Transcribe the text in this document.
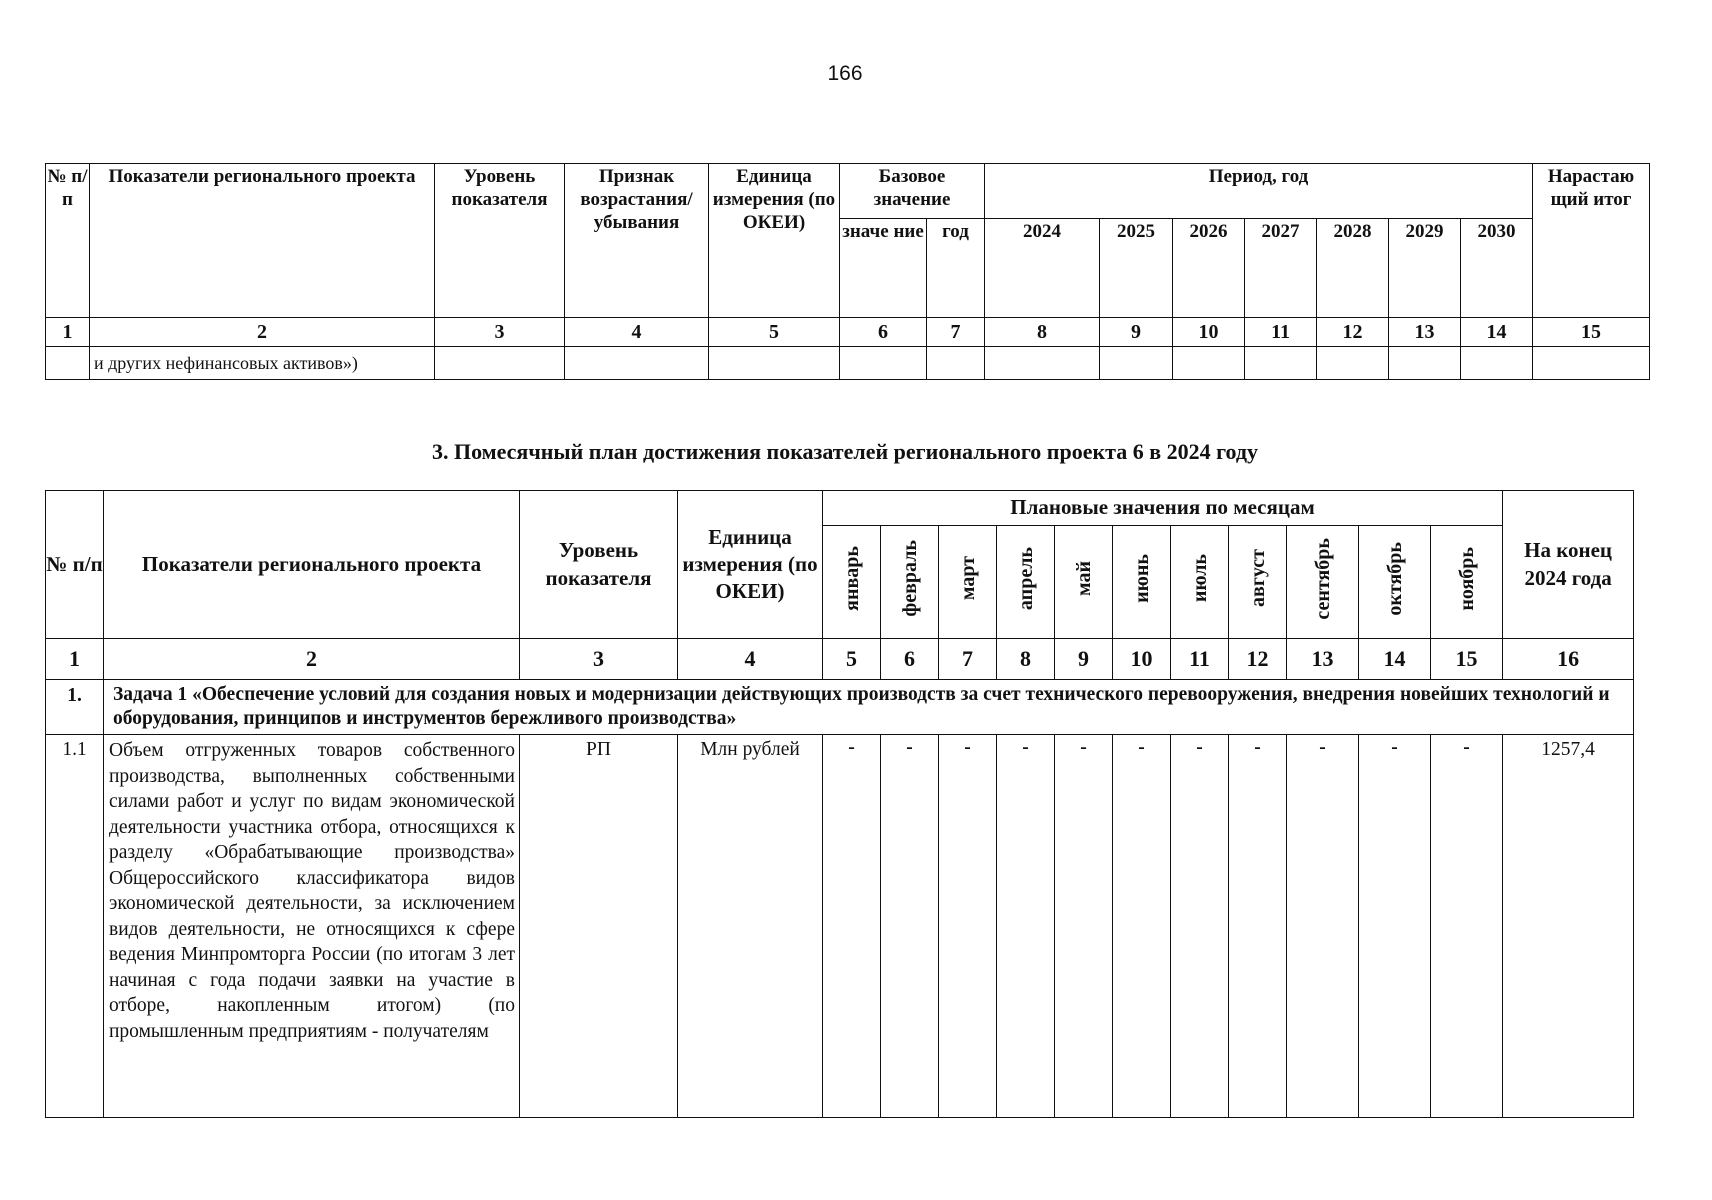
166
№ п/п	Показатели регионального проекта	Уровень показателя	Признак возрастания/ убывания	Единица измерения (по ОКЕИ)	Базовое значение		Период, год							Нарастаю щий итог
					значе ние	год	2024	2025	2026	2027	2028	2029	2030	
1	2	3	4	5	6	7	8	9	10	11	12	13	14	15
	и других нефинансовых активов»)													
3. Помесячный план достижения показателей регионального проекта 6 в 2024 году
№ п/п	Показатели регионального проекта	Уровень показателя	Единица измерения (по ОКЕИ)	Плановые значения по месяцам											На конец 2024 года
				январь	февраль	март	апрель	май	июнь	июль	август	сентябрь	октябрь	ноябрь	
1	2	3	4	5	6	7	8	9	10	11	12	13	14	15	16
1.	Задача 1 «Обеспечение условий для создания новых и модернизации действующих производств за счет технического перевооружения, внедрения новейших технологий и оборудования, принципов и инструментов бережливого производства»														
1.1	Объем отгруженных товаров собственного производства, выполненных собственными силами работ и услуг по видам экономической деятельности участника отбора, относящихся к разделу «Обрабатывающие производства» Общероссийского классификатора видов экономической деятельности, за исключением видов деятельности, не относящихся к сфере ведения Минпромторга России (по итогам 3 лет начиная с года подачи заявки на участие в отборе, накопленным итогом) (по промышленным предприятиям - получателям	РП	Млн рублей	-	-	-	-	-	-	-	-	-	-	-	1257,4
